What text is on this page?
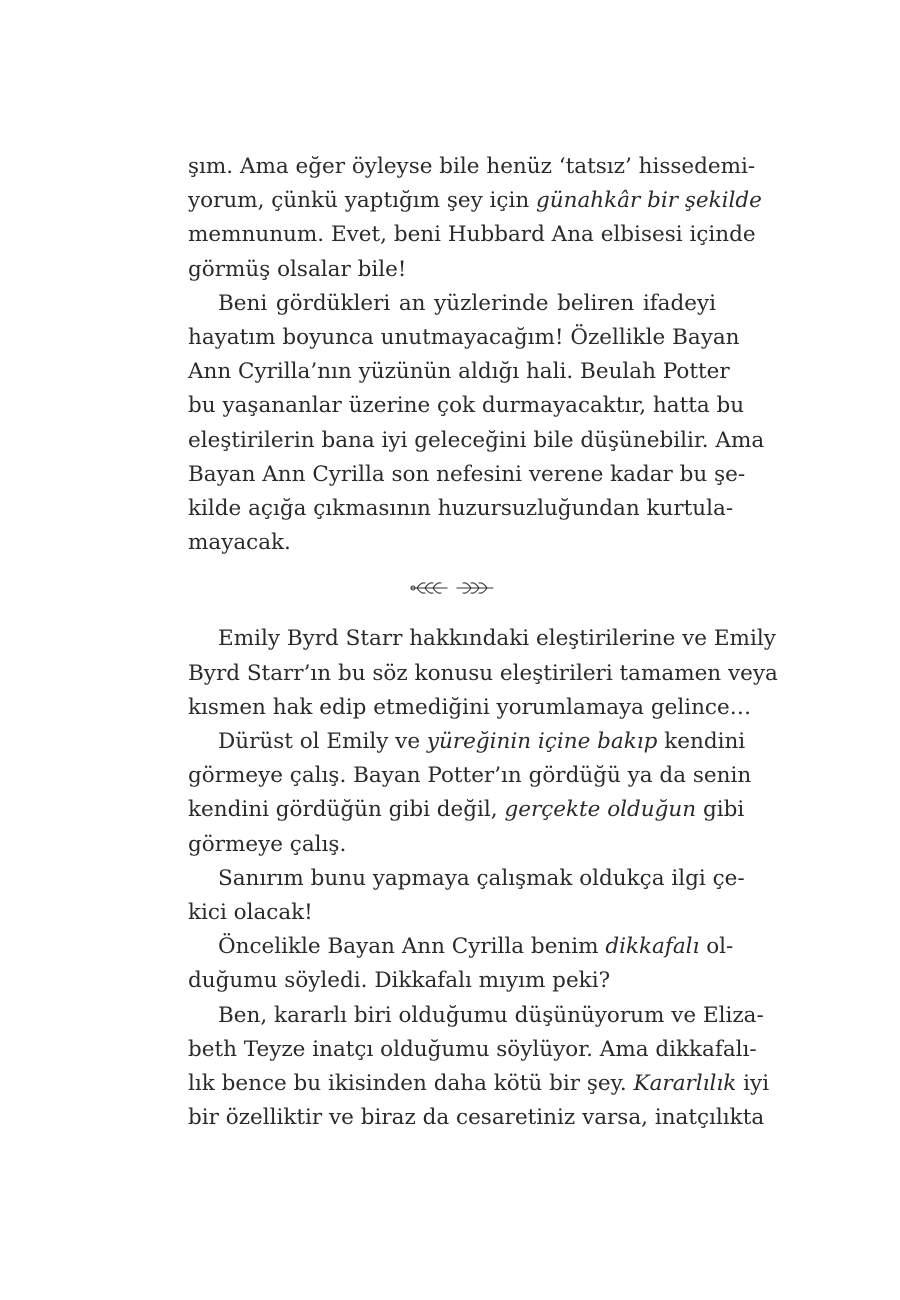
şım. Ama eğer öyleyse bile henüz ‘tatsız’ hissedemi-
yorum, çünkü yaptığım şey için günahkâr bir şekilde
memnunum. Evet, beni Hubbard Ana elbisesi içinde
görmüş olsalar bile!
Beni gördükleri an yüzlerinde beliren ifadeyi
hayatım boyunca unutmayacağım! Özellikle Bayan
Ann Cyrilla’nın yüzünün aldığı hali. Beulah Potter
bu yaşananlar üzerine çok durmayacaktır, hatta bu
eleştirilerin bana iyi geleceğini bile düşünebilir. Ama
Bayan Ann Cyrilla son nefesini verene kadar bu şe-
kilde açığa çıkmasının huzursuzluğundan kurtula-
mayacak.
Emily Byrd Starr hakkındaki eleştirilerine ve Emily
Byrd Starr’ın bu söz konusu eleştirileri tamamen veya
kısmen hak edip etmediğini yorumlamaya gelince…
Dürüst ol Emily ve yüreğinin içine bakıp kendini
görmeye çalış. Bayan Potter’ın gördüğü ya da senin
kendini gördüğün gibi değil, gerçekte olduğun gibi
görmeye çalış.
Sanırım bunu yapmaya çalışmak oldukça ilgi çe-
kici olacak!
Öncelikle Bayan Ann Cyrilla benim dikkafalı ol-
duğumu söyledi. Dikkafalı mıyım peki?
Ben, kararlı biri olduğumu düşünüyorum ve Eliza-
beth Teyze inatçı olduğumu söylüyor. Ama dikkafalı-
lık bence bu ikisinden daha kötü bir şey. Kararlılık iyi
bir özelliktir ve biraz da cesaretiniz varsa, inatçılıkta
